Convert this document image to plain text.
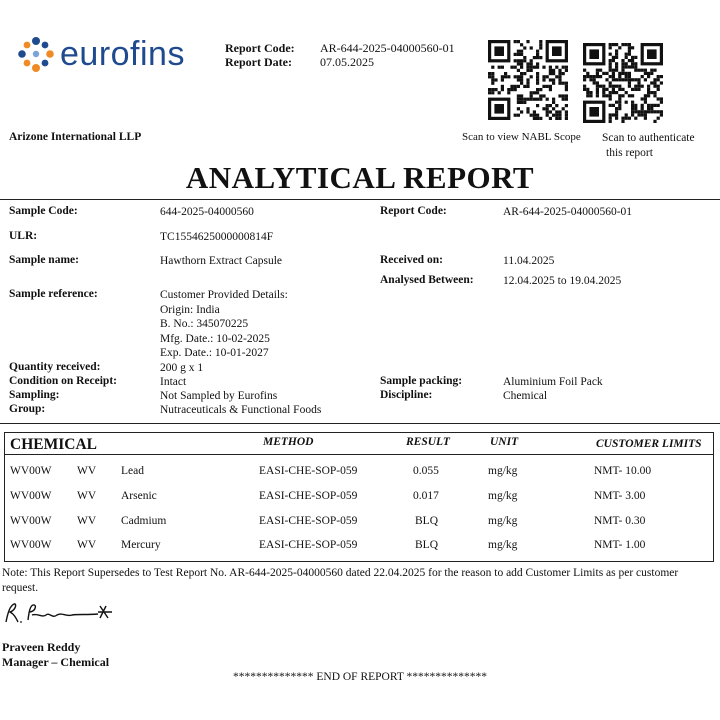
eurofins	Report Code: AR-644-2025-04000560-01
Report Date: 07.05.2025
Scan to view NABL Scope Scan to authenticate
this report
Arizone International LLP
ANALYTICAL REPORT
Sample Code:	644-2025-04000560
ULR:	TC1554625000000814F
Sample name:	Hawthorn Extract Capsule
Sample reference:	Customer Provided Details:
Origin: India
B. No.: 345070225
Mfg. Date.: 10-02-2025
Exp. Date.: 10-01-2027
Quantity received:	200 g x 1
Condition on Receipt:	Intact
Sampling:	Not Sampled by Eurofins
Group:	Nutraceuticals & Functional Foods
Report Code:	AR-644-2025-04000560-01
Received on:	11.04.2025
Analysed Between:	12.04.2025 to 19.04.2025
Sample packing:	Aluminium Foil Pack
Discipline:	Chemical
CHEMICAL	METHOD	RESULT	UNIT	CUSTOMER LIMITS
WV00W WV Lead	EASI-CHE-SOP-059	0.055	mg/kg	NMT- 10.00
WV00W WV Arsenic	EASI-CHE-SOP-059	0.017	mg/kg	NMT- 3.00
WV00W WV Cadmium	EASI-CHE-SOP-059	BLQ	mg/kg	NMT- 0.30
WV00W WV Mercury	EASI-CHE-SOP-059	BLQ	mg/kg	NMT- 1.00
Note: This Report Supersedes to Test Report No. AR-644-2025-04000560 dated 22.04.2025 for the reason to add Customer Limits as per customer request.
Praveen Reddy
Manager – Chemical
************** END OF REPORT **************
